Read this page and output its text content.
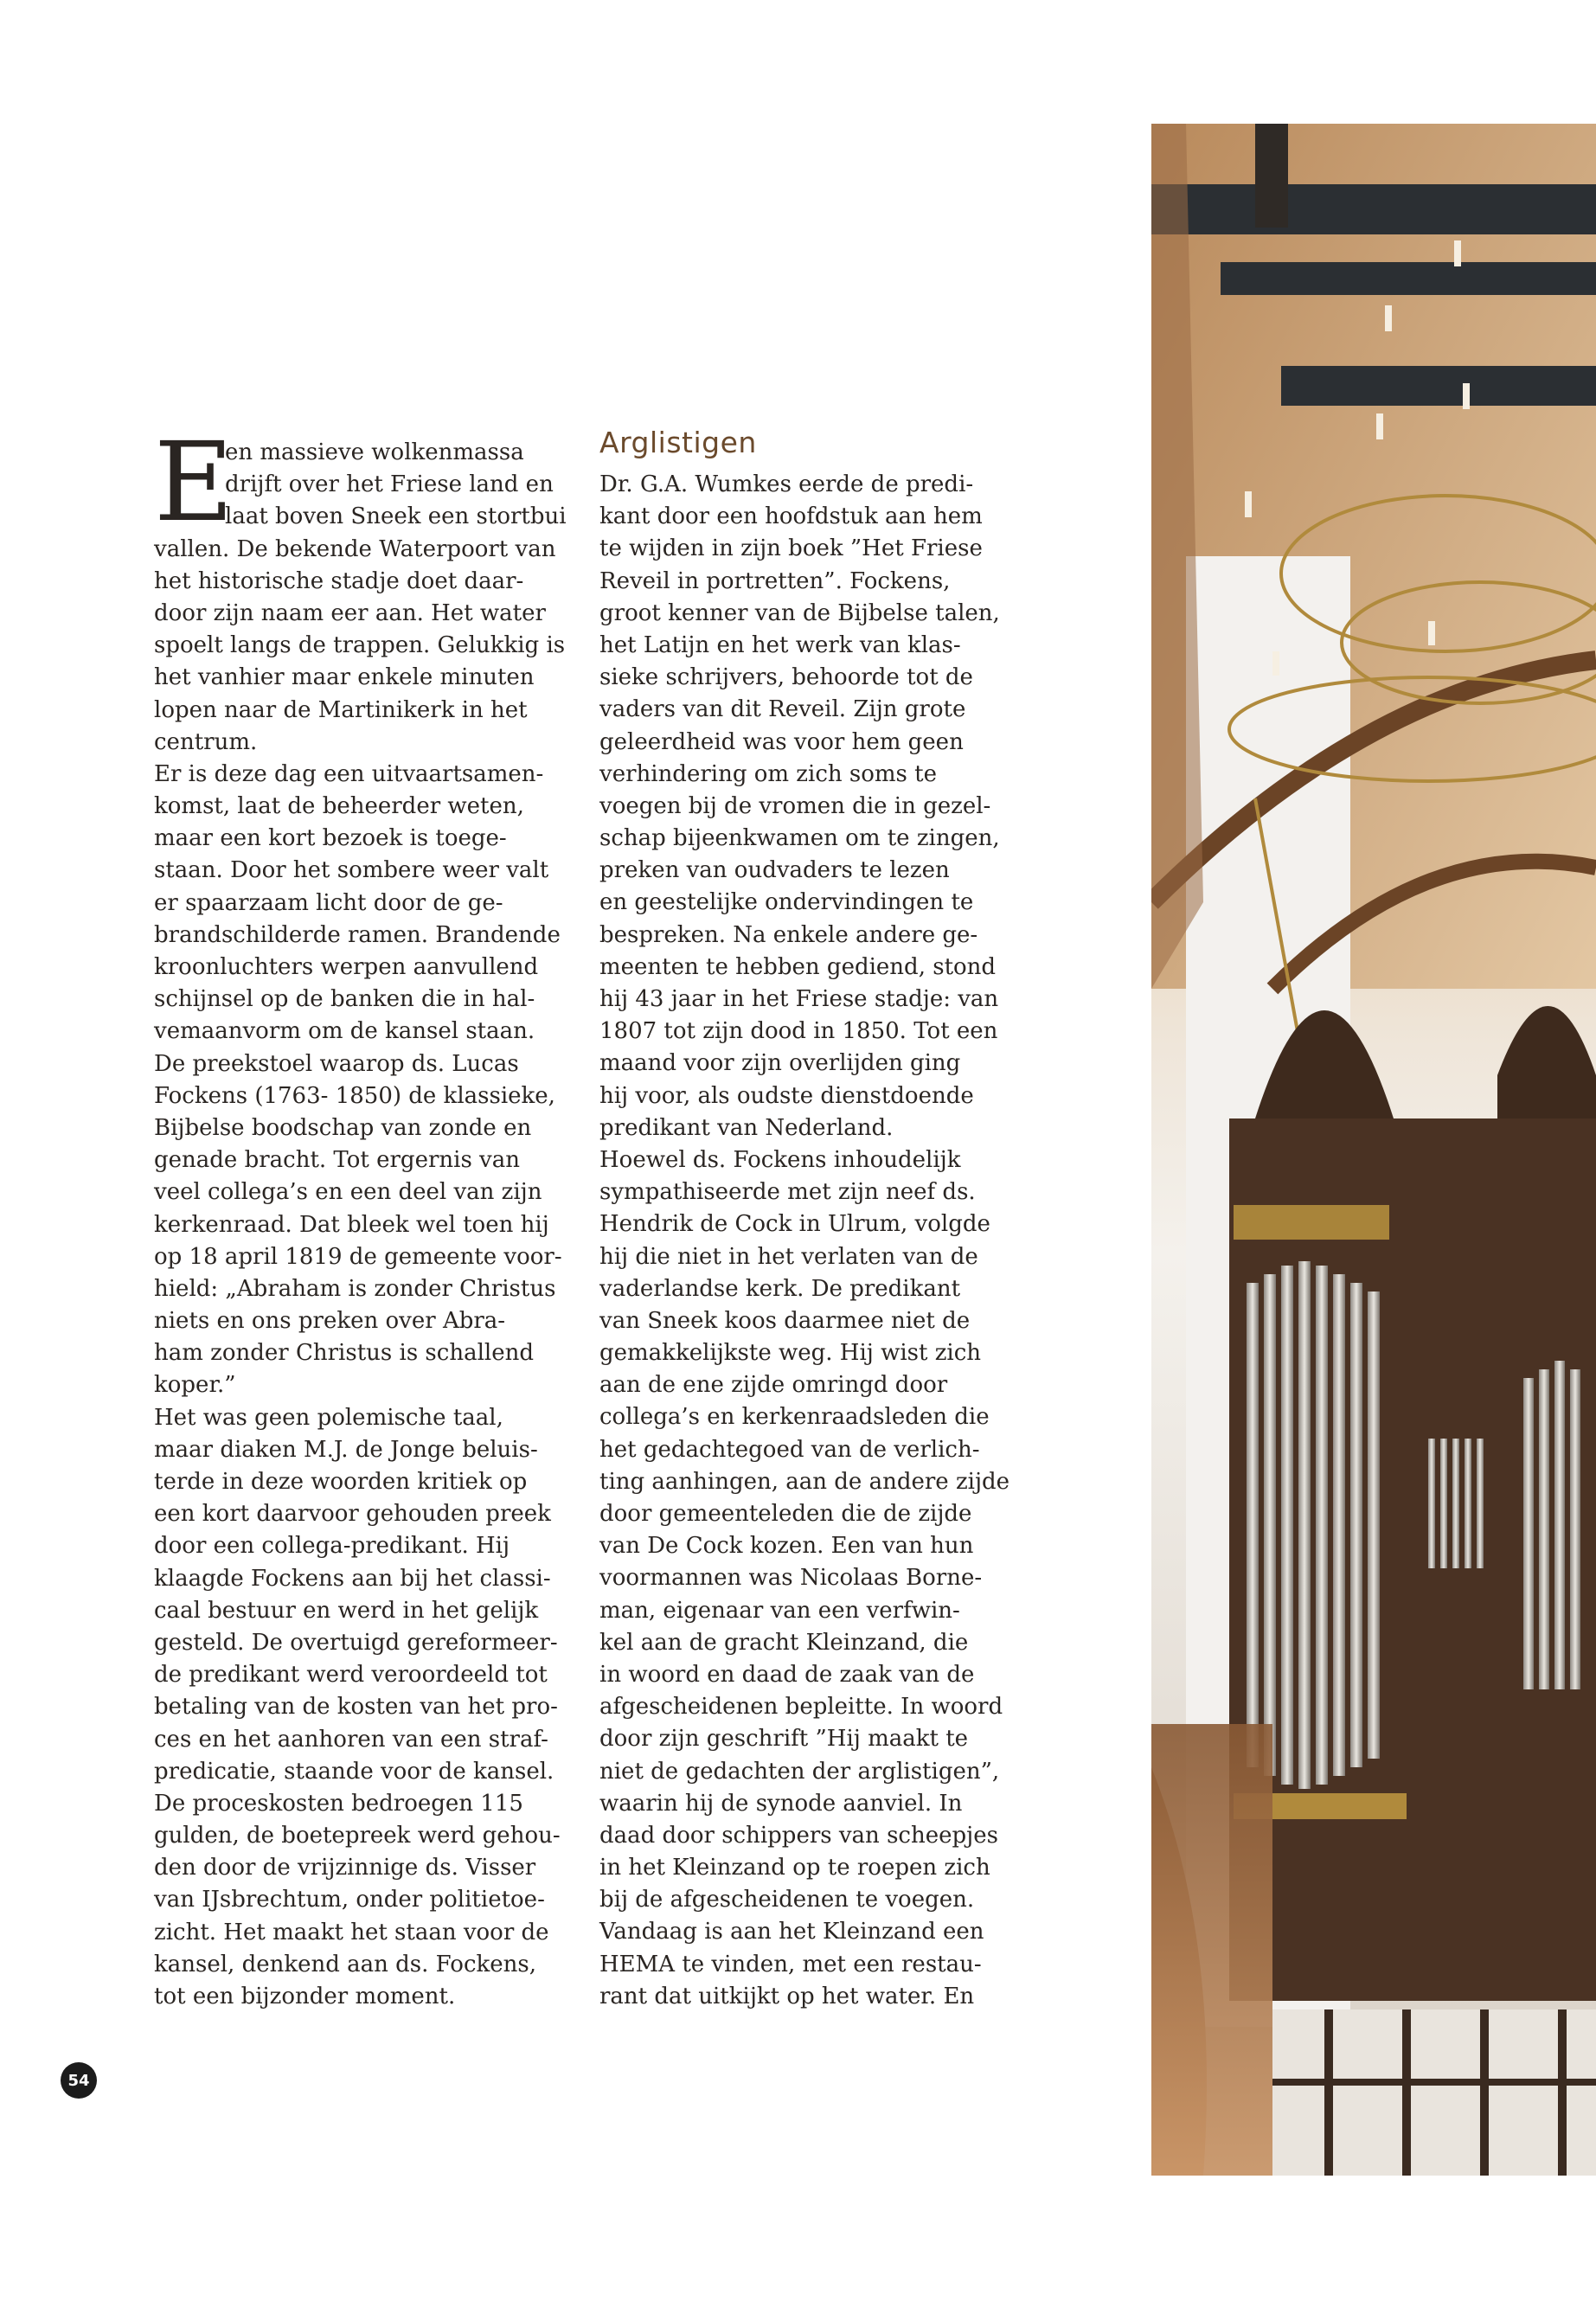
E
en massieve wolkenmassa
drijft over het Friese land en
laat boven Sneek een stortbui
vallen. De bekende Waterpoort van
het historische stadje doet daar-
door zijn naam eer aan. Het water
spoelt langs de trappen. Gelukkig is
het vanhier maar enkele minuten
lopen naar de Martinikerk in het
centrum.
Er is deze dag een uitvaartsamen-
komst, laat de beheerder weten,
maar een kort bezoek is toege-
staan. Door het sombere weer valt
er spaarzaam licht door de ge-
brandschilderde ramen. Brandende
kroonluchters werpen aanvullend
schijnsel op de banken die in hal-
vemaanvorm om de kansel staan.
De preekstoel waarop ds. Lucas
Fockens (1763- 1850) de klassieke,
Bijbelse boodschap van zonde en
genade bracht. Tot ergernis van
veel collega’s en een deel van zijn
kerkenraad. Dat bleek wel toen hij
op 18 april 1819 de gemeente voor-
hield: „Abraham is zonder Christus
niets en ons preken over Abra-
ham zonder Christus is schallend
koper.”
Het was geen polemische taal,
maar diaken M.J. de Jonge beluis-
terde in deze woorden kritiek op
een kort daarvoor gehouden preek
door een collega-predikant. Hij
klaagde Fockens aan bij het classi-
caal bestuur en werd in het gelijk
gesteld. De overtuigd gereformeer-
de predikant werd veroordeeld tot
betaling van de kosten van het pro-
ces en het aanhoren van een straf-
predicatie, staande voor de kansel.
De proceskosten bedroegen 115
gulden, de boetepreek werd gehou-
den door de vrijzinnige ds. Visser
van IJsbrechtum, onder politietoe-
zicht. Het maakt het staan voor de
kansel, denkend aan ds. Fockens,
tot een bijzonder moment.
Arglistigen
Dr. G.A. Wumkes eerde de predi-
kant door een hoofdstuk aan hem
te wijden in zijn boek ”Het Friese
Reveil in portretten”. Fockens,
groot kenner van de Bijbelse talen,
het Latijn en het werk van klas-
sieke schrijvers, behoorde tot de
vaders van dit Reveil. Zijn grote
geleerdheid was voor hem geen
verhindering om zich soms te
voegen bij de vromen die in gezel-
schap bijeenkwamen om te zingen,
preken van oudvaders te lezen
en geestelijke ondervindingen te
bespreken. Na enkele andere ge-
meenten te hebben gediend, stond
hij 43 jaar in het Friese stadje: van
1807 tot zijn dood in 1850. Tot een
maand voor zijn overlijden ging
hij voor, als oudste dienstdoende
predikant van Nederland.
Hoewel ds. Fockens inhoudelijk
sympathiseerde met zijn neef ds.
Hendrik de Cock in Ulrum, volgde
hij die niet in het verlaten van de
vaderlandse kerk. De predikant
van Sneek koos daarmee niet de
gemakkelijkste weg. Hij wist zich
aan de ene zijde omringd door
collega’s en kerkenraadsleden die
het gedachtegoed van de verlich-
ting aanhingen, aan de andere zijde
door gemeenteleden die de zijde
van De Cock kozen. Een van hun
voormannen was Nicolaas Borne-
man, eigenaar van een verfwin-
kel aan de gracht Kleinzand, die
in woord en daad de zaak van de
afgescheidenen bepleitte. In woord
door zijn geschrift ”Hij maakt te
niet de gedachten der arglistigen”,
waarin hij de synode aanviel. In
daad door schippers van scheepjes
in het Kleinzand op te roepen zich
bij de afgescheidenen te voegen.
Vandaag is aan het Kleinzand een
HEMA te vinden, met een restau-
rant dat uitkijkt op het water. En
54
